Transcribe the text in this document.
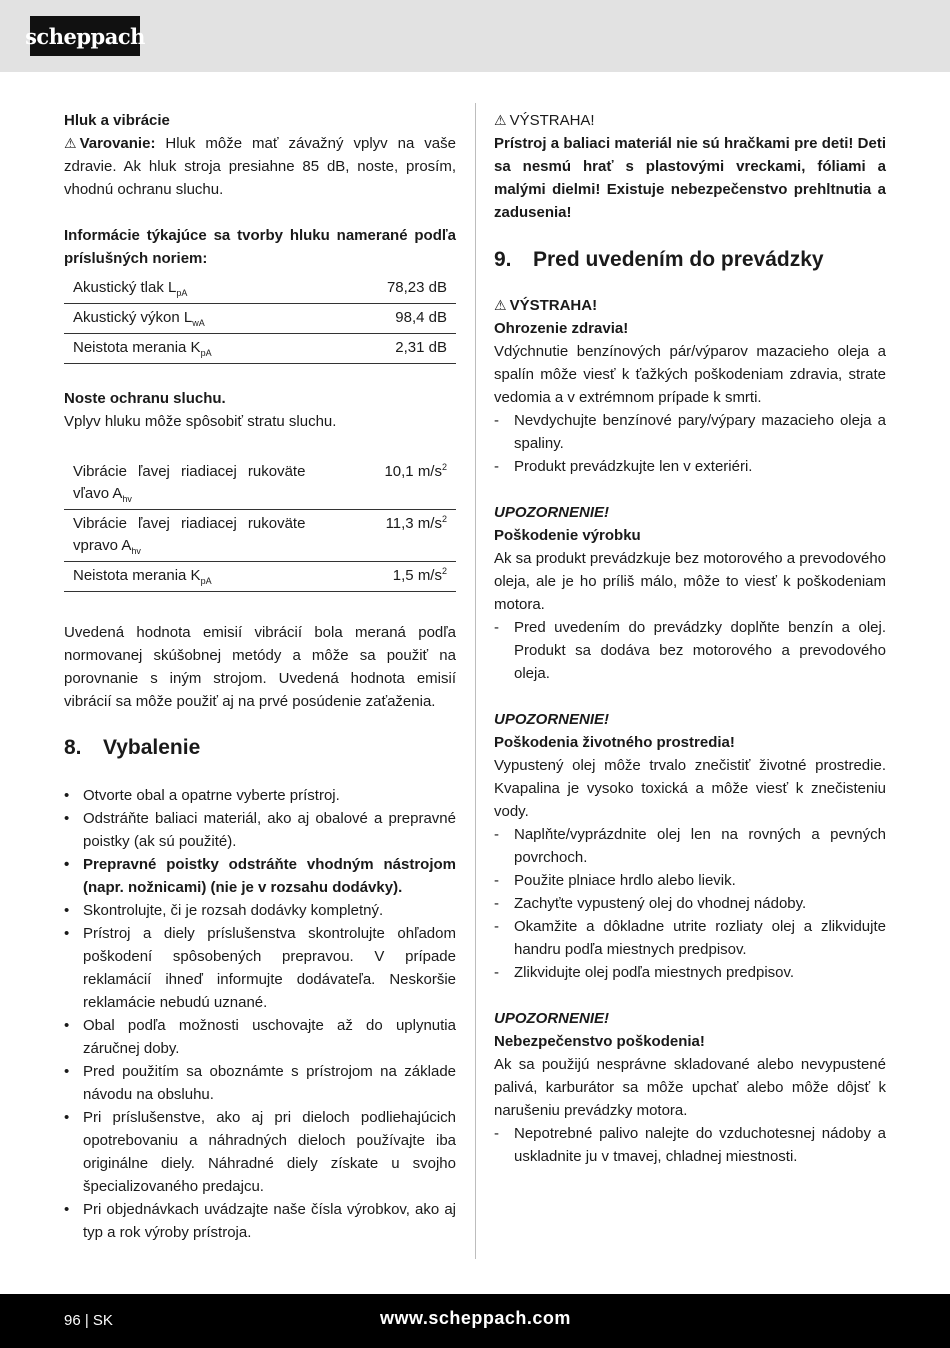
scheppach

Hluk a vibrácie

⚠ Varovanie: Hluk môže mať závažný vplyv na vaše zdravie. Ak hluk stroja presiahne 85 dB, noste, prosím, vhodnú ochranu sluchu.

Informácie týkajúce sa tvorby hluku namerané podľa príslušných noriem:

Akustický tlak $L_{pA}$	78,23 dB
Akustický výkon $L_{wA}$	98,4 dB
Neistota merania $K_{pA}$	2,31 dB

Noste ochranu sluchu.

Vplyv hluku môže spôsobiť stratu sluchu.

Vibrácie ľavej riadiacej rukoväte vľavo $A_{hv}$	10,1 $m/s^2$
Vibrácie ľavej riadiacej rukoväte vpravo $A_{hv}$	11,3 $m/s^2$
Neistota merania $K_{pA}$	1,5 $m/s^2$

Uvedená hodnota emisií vibrácií bola meraná podľa normovanej skúšobnej metódy a môže sa použiť na porovnanie s iným strojom. Uvedená hodnota emisií vibrácií sa môže použiť aj na prvé posúdenie zaťaženia.

8.	Vybalenie
• Otvorte obal a opatrne vyberte prístroj.
• Odstráňte baliaci materiál, ako aj obalové a prepravné poistky (ak sú použité).
• Prepravné poistky odstráňte vhodným nástrojom (napr. nožnicami) (nie je v rozsahu dodávky).
• Skontrolujte, či je rozsah dodávky kompletný.
• Prístroj a diely príslušenstva skontrolujte ohľadom poškodení spôsobených prepravou. V prípade reklamácií ihneď informujte dodávateľa. Neskoršie reklamácie nebudú uznané.
• Obal podľa možnosti uschovajte až do uplynutia záručnej doby.
• Pred použitím sa oboznámte s prístrojom na základe návodu na obsluhu.
• Pri príslušenstve, ako aj pri dieloch podliehajúcich opotrebovaniu a náhradných dieloch používajte iba originálne diely. Náhradné diely získate u svojho špecializovaného predajcu.
• Pri objednávkach uvádzajte naše čísla výrobkov, ako aj typ a rok výroby prístroja.

⚠ VÝSTRAHA!

Prístroj a baliaci materiál nie sú hračkami pre deti! Deti sa nesmú hrať s plastovými vreckami, fóliami a malými dielmi! Existuje nebezpečenstvo prehltnutia a zadusenia!

9.	Pred uvedením do prevádzky

⚠ VÝSTRAHA!

Ohrozenie zdravia!

Vdýchnutie benzínových pár/výparov mazacieho oleja a spalín môže viesť k ťažkých poškodeniam zdravia, strate vedomia a v extrémnom prípade k smrti.

- Nevdychujte benzínové pary/výpary mazacieho oleja a spaliny.
- Produkt prevádzkujte len v exteriéri.

UPOZORNENIE!

Poškodenie výrobku

Ak sa produkt prevádzkuje bez motorového a prevodového oleja, ale je ho príliš málo, môže to viesť k poškodeniam motora.

- Pred uvedením do prevádzky doplňte benzín a olej. Produkt sa dodáva bez motorového a prevodového oleja.

UPOZORNENIE!

Poškodenia životného prostredia!

Vypustený olej môže trvalo znečistiť životné prostredie. Kvapalina je vysoko toxická a môže viesť k znečisteniu vody.

- Naplňte/vyprázdnite olej len na rovných a pevných povrchoch.
- Použite plniace hrdlo alebo lievik.
- Zachyťte vypustený olej do vhodnej nádoby.
- Okamžite a dôkladne utrite rozliaty olej a zlikvidujte handru podľa miestnych predpisov.
- Zlikvidujte olej podľa miestnych predpisov.

UPOZORNENIE!

Nebezpečenstvo poškodenia!

Ak sa použijú nesprávne skladované alebo nevypustené palivá, karburátor sa môže upchať alebo môže dôjsť k narušeniu prevádzky motora.

- Nepotrebné palivo nalejte do vzduchotesnej nádoby a uskladnite ju v tmavej, chladnej miestnosti.
96 | SK	www.scheppach.com
